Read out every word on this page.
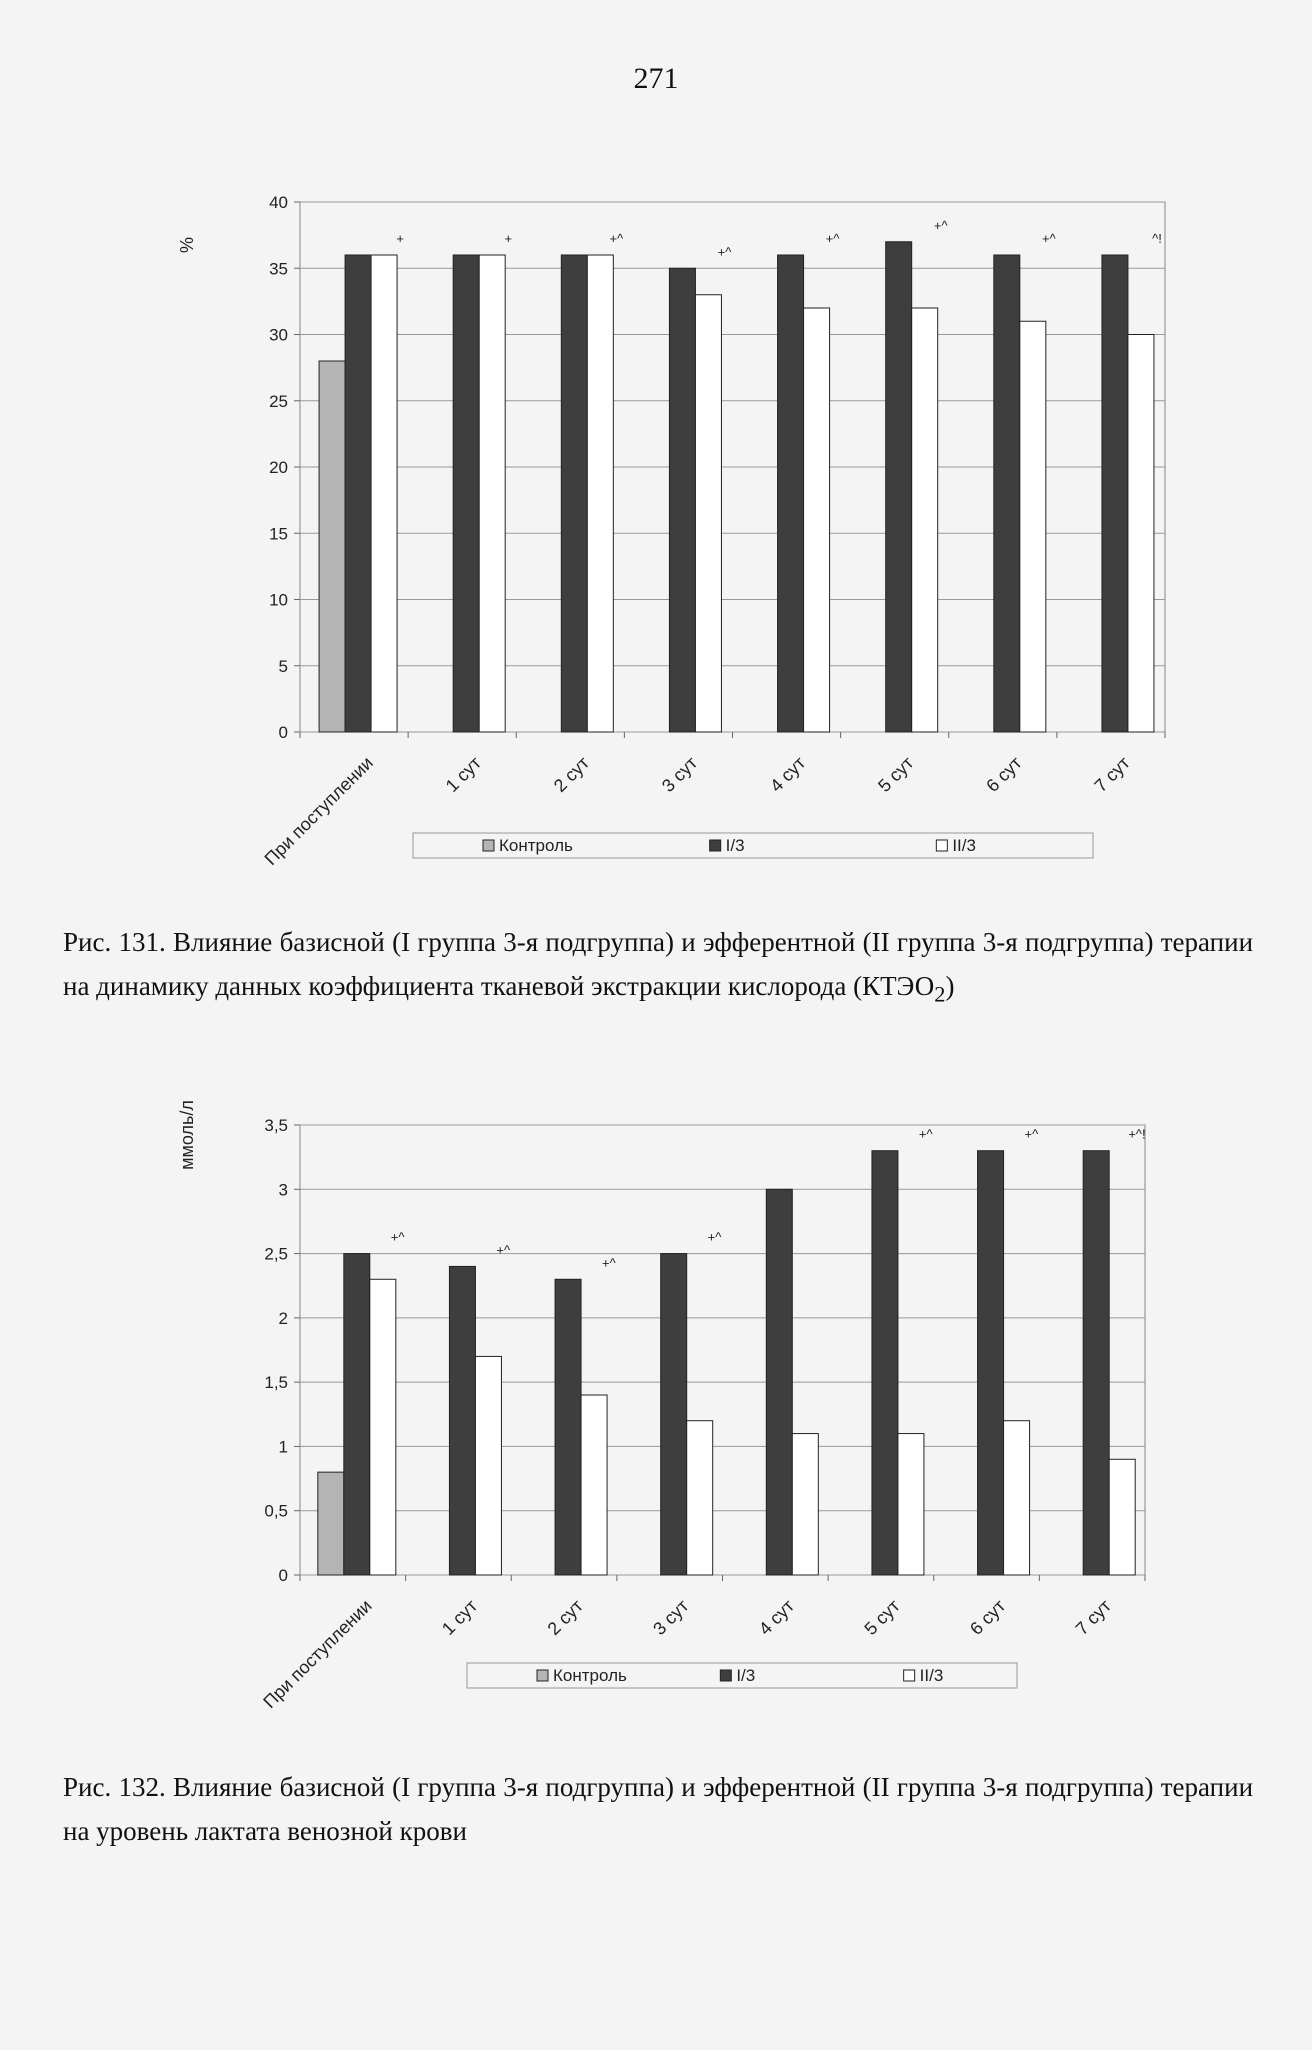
271
0
5
10
15
20
25
30
35
40
%	+
При поступлении
+
1 сут
+^
2 сут
+^
3 сут
+^
4 сут
+^
5 сут
+^
6 сут
^!
7 сут
Контроль	I/3	II/3
Рис. 131. Влияние базисной (I группа 3-я подгруппа) и эфферентной (II группа 3-я подгруппа) терапии на динамику данных коэффициента тканевой экстракции кислорода $(КТЭО_2)$
0
0,5
1
1,5
2
2,5
3
3,5
ммоль/л
+^
При поступлении
+^
1 сут
+^
2 сут
+^
3 сут	4 сут
+^
5 сут
+^
6 сут
+^!
7 сут
Контроль	I/3	II/3
Рис. 132. Влияние базисной (I группа 3-я подгруппа) и эфферентной (II группа 3-я подгруппа) терапии на уровень лактата венозной крови
